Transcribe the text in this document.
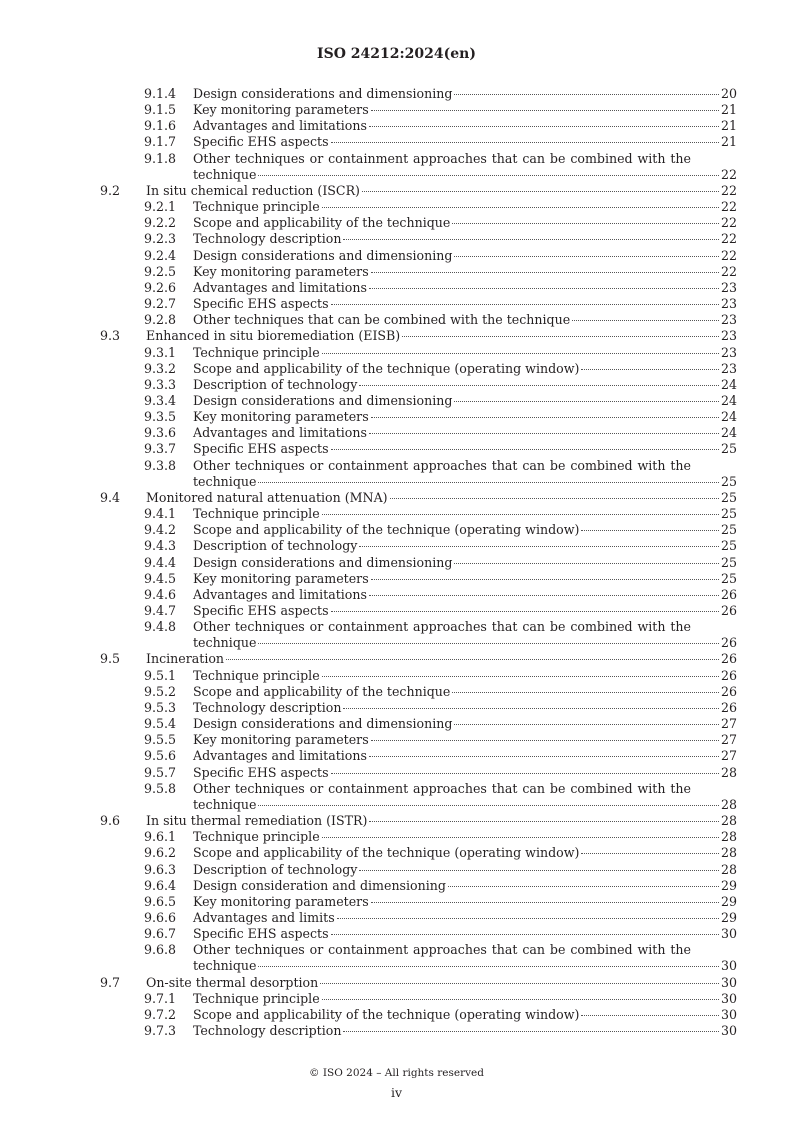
ISO 24212:2024(en)
9.1.4	Design considerations and dimensioning	20
9.1.5	Key monitoring parameters	21
9.1.6	Advantages and limitations	21
9.1.7	Specific EHS aspects	21
9.1.8	Other techniques or containment approaches that can be combined with the
technique	22
9.2	In situ chemical reduction (ISCR)	22
9.2.1	Technique principle	22
9.2.2	Scope and applicability of the technique	22
9.2.3	Technology description	22
9.2.4	Design considerations and dimensioning	22
9.2.5	Key monitoring parameters	22
9.2.6	Advantages and limitations	23
9.2.7	Specific EHS aspects	23
9.2.8	Other techniques that can be combined with the technique	23
9.3	Enhanced in situ bioremediation (EISB)	23
9.3.1	Technique principle	23
9.3.2	Scope and applicability of the technique (operating window)	23
9.3.3	Description of technology	24
9.3.4	Design considerations and dimensioning	24
9.3.5	Key monitoring parameters	24
9.3.6	Advantages and limitations	24
9.3.7	Specific EHS aspects	25
9.3.8	Other techniques or containment approaches that can be combined with the
technique	25
9.4	Monitored natural attenuation (MNA)	25
9.4.1	Technique principle	25
9.4.2	Scope and applicability of the technique (operating window)	25
9.4.3	Description of technology	25
9.4.4	Design considerations and dimensioning	25
9.4.5	Key monitoring parameters	25
9.4.6	Advantages and limitations	26
9.4.7	Specific EHS aspects	26
9.4.8	Other techniques or containment approaches that can be combined with the
technique	26
9.5	Incineration	26
9.5.1	Technique principle	26
9.5.2	Scope and applicability of the technique	26
9.5.3	Technology description	26
9.5.4	Design considerations and dimensioning	27
9.5.5	Key monitoring parameters	27
9.5.6	Advantages and limitations	27
9.5.7	Specific EHS aspects	28
9.5.8	Other techniques or containment approaches that can be combined with the
technique	28
9.6	In situ thermal remediation (ISTR)	28
9.6.1	Technique principle	28
9.6.2	Scope and applicability of the technique (operating window)	28
9.6.3	Description of technology	28
9.6.4	Design consideration and dimensioning	29
9.6.5	Key monitoring parameters	29
9.6.6	Advantages and limits	29
9.6.7	Specific EHS aspects	30
9.6.8	Other techniques or containment approaches that can be combined with the
technique	30
9.7	On-site thermal desorption	30
9.7.1	Technique principle	30
9.7.2	Scope and applicability of the technique (operating window)	30
9.7.3	Technology description	30
© ISO 2024 – All rights reserved
iv
